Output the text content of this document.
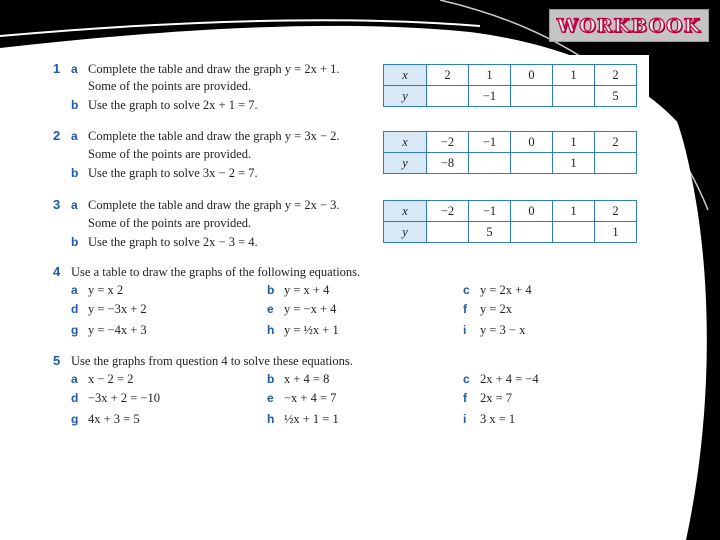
WORKBOOK
1 a Complete the table and draw the graph y = 2x + 1.
Some of the points are provided.
b Use the graph to solve 2x + 1 = 7.
x	2	1	0	1	2
y		−1			5
2 a Complete the table and draw the graph y = 3x − 2.
Some of the points are provided.
b Use the graph to solve 3x − 2 = 7.
x	−2	−1	0	1	2
y	−8			1	
3 a Complete the table and draw the graph y = 2x − 3.
Some of the points are provided.
b Use the graph to solve 2x − 3 = 4.
x	−2	−1	0	1	2
y		5			1
4 Use a table to draw the graphs of the following equations.
a y = x 2	b y = x + 4	c y = 2x + 4
d y = −3x + 2	e y = −x + 4	f y = 2x
g y = −4x + 3	h y = ½x + 1	i y = 3 − x
5 Use the graphs from question 4 to solve these equations.
a x − 2 = 2	b x + 4 = 8	c 2x + 4 = −4
d −3x + 2 = −10	e −x + 4 = 7	f 2x = 7
g 4x + 3 = 5	h ½x + 1 = 1	i 3 x = 1
